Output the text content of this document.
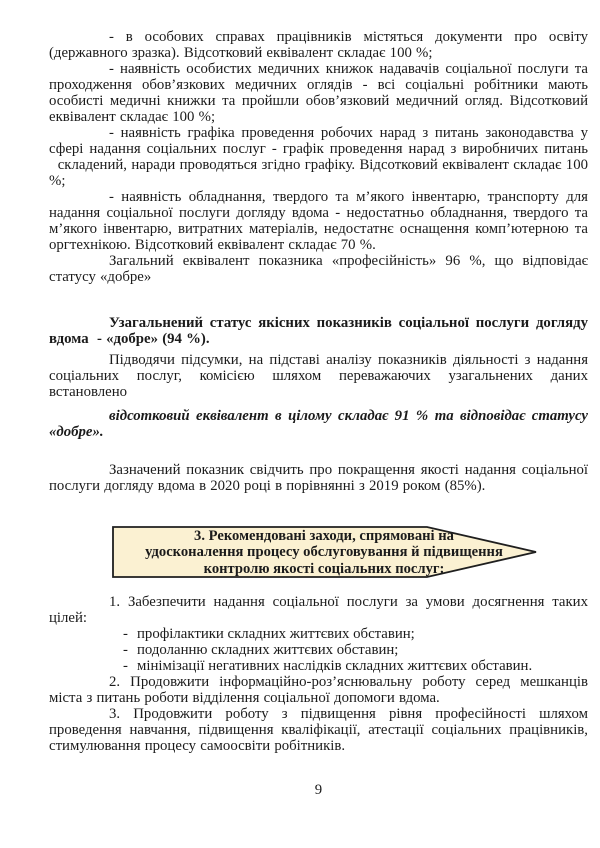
- в особових справах працівників містяться документи про освіту (державного зразка). Відсотковий еквівалент складає 100 %;

- наявність особистих медичних книжок надавачів соціальної послуги та проходження обов’язкових медичних оглядів - всі соціальні робітники мають особисті медичні книжки та пройшли обов’язковий медичний огляд. Відсотковий еквівалент складає 100 %;

- наявність графіка проведення робочих нарад з питань законодавства у сфері надання соціальних послуг - графік проведення нарад з виробничих питань   складений, наради проводяться згідно графіку. Відсотковий еквівалент складає 100 %;

- наявність обладнання, твердого та м’якого інвентарю, транспорту для надання соціальної послуги догляду вдома - недостатньо обладнання, твердого та м’якого інвентарю, витратних матеріалів, недостатнє оснащення комп’ютерною та оргтехнікою. Відсотковий еквівалент складає 70 %.

Загальний еквівалент показника «професійність» 96 %, що відповідає статусу «добре»

Узагальнений статус якісних показників соціальної послуги догляду вдома  - «добре» (94 %).

Підводячи підсумки, на підставі аналізу показників діяльності з надання соціальних послуг, комісією шляхом переважаючих узагальнених даних встановлено

відсотковий еквівалент в цілому складає 91 % та відповідає статусу «добре».

Зазначений показник свідчить про покращення якості надання соціальної послуги догляду вдома в 2020 році в порівнянні з 2019 роком (85%).

3. Рекомендовані заходи, спрямовані на
удосконалення процесу обслуговування й підвищення
контролю якості соціальних послуг:

1. Забезпечити надання соціальної послуги за умови досягнення таких цілей:

- профілактики складних життєвих обставин;
- подоланню складних життєвих обставин;
- мінімізації негативних наслідків складних життєвих обставин.

2. Продовжити інформаційно-роз’яснювальну роботу серед мешканців міста з питань роботи відділення соціальної допомоги вдома.

3. Продовжити роботу з підвищення рівня професійності шляхом проведення навчання, підвищення кваліфікації, атестації соціальних працівників, стимулювання процесу самоосвіти робітників.

9
